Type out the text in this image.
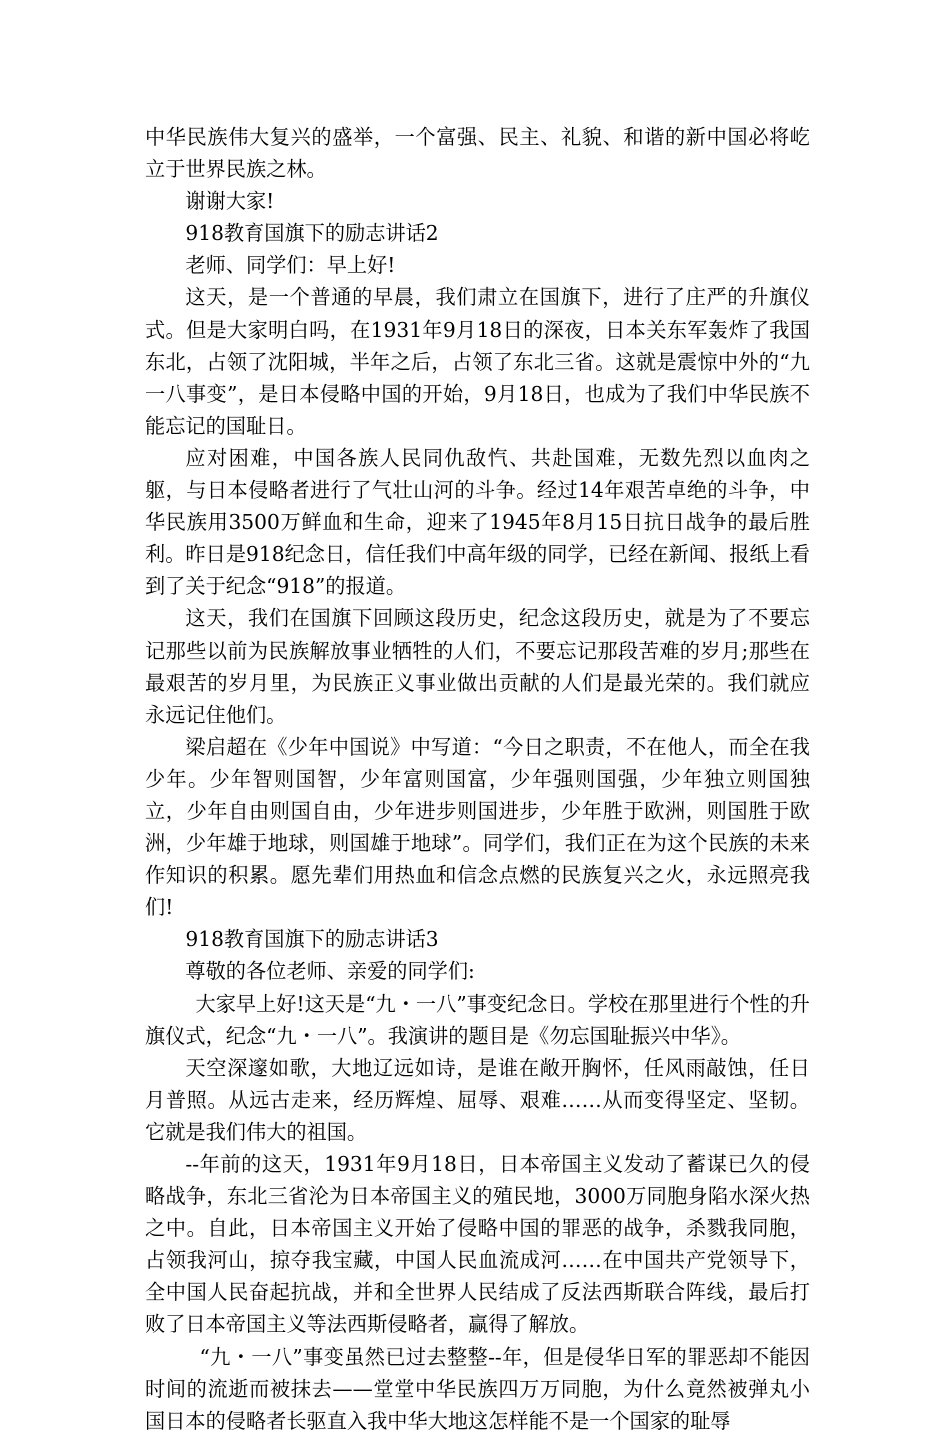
中华民族伟大复兴的盛举，一个富强、民主、礼貌、和谐的新中国必将屹立于世界民族之林。

谢谢大家!

918教育国旗下的励志讲话2

老师、同学们：早上好!

这天，是一个普通的早晨，我们肃立在国旗下，进行了庄严的升旗仪式。但是大家明白吗，在1931年9月18日的深夜，日本关东军轰炸了我国东北，占领了沈阳城，半年之后，占领了东北三省。这就是震惊中外的“九一八事变”，是日本侵略中国的开始，9月18日，也成为了我们中华民族不能忘记的国耻日。

应对困难，中国各族人民同仇敌忾、共赴国难，无数先烈以血肉之躯，与日本侵略者进行了气壮山河的斗争。经过14年艰苦卓绝的斗争，中华民族用3500万鲜血和生命，迎来了1945年8月15日抗日战争的最后胜利。昨日是918纪念日，信任我们中高年级的同学，已经在新闻、报纸上看到了关于纪念“918”的报道。

这天，我们在国旗下回顾这段历史，纪念这段历史，就是为了不要忘记那些以前为民族解放事业牺牲的人们，不要忘记那段苦难的岁月;那些在最艰苦的岁月里，为民族正义事业做出贡献的人们是最光荣的。我们就应永远记住他们。

梁启超在《少年中国说》中写道：“今日之职责，不在他人，而全在我少年。少年智则国智，少年富则国富，少年强则国强，少年独立则国独立，少年自由则国自由，少年进步则国进步，少年胜于欧洲，则国胜于欧洲，少年雄于地球，则国雄于地球”。同学们，我们正在为这个民族的未来作知识的积累。愿先辈们用热血和信念点燃的民族复兴之火，永远照亮我们!

918教育国旗下的励志讲话3

尊敬的各位老师、亲爱的同学们:

大家早上好!这天是“九・一八”事变纪念日。学校在那里进行个性的升旗仪式，纪念“九・一八”。我演讲的题目是《勿忘国耻振兴中华》。

天空深邃如歌，大地辽远如诗，是谁在敞开胸怀，任风雨敲蚀，任日月普照。从远古走来，经历辉煌、屈辱、艰难……从而变得坚定、坚韧。它就是我们伟大的祖国。

--年前的这天，1931年9月18日，日本帝国主义发动了蓄谋已久的侵略战争，东北三省沦为日本帝国主义的殖民地，3000万同胞身陷水深火热之中。自此，日本帝国主义开始了侵略中国的罪恶的战争，杀戮我同胞，占领我河山，掠夺我宝藏，中国人民血流成河……在中国共产党领导下，全中国人民奋起抗战，并和全世界人民结成了反法西斯联合阵线，最后打败了日本帝国主义等法西斯侵略者，赢得了解放。

“九・一八”事变虽然已过去整整--年，但是侵华日军的罪恶却不能因时间的流逝而被抹去——堂堂中华民族四万万同胞，为什么竟然被弹丸小国日本的侵略者长驱直入我中华大地这怎样能不是一个国家的耻辱
